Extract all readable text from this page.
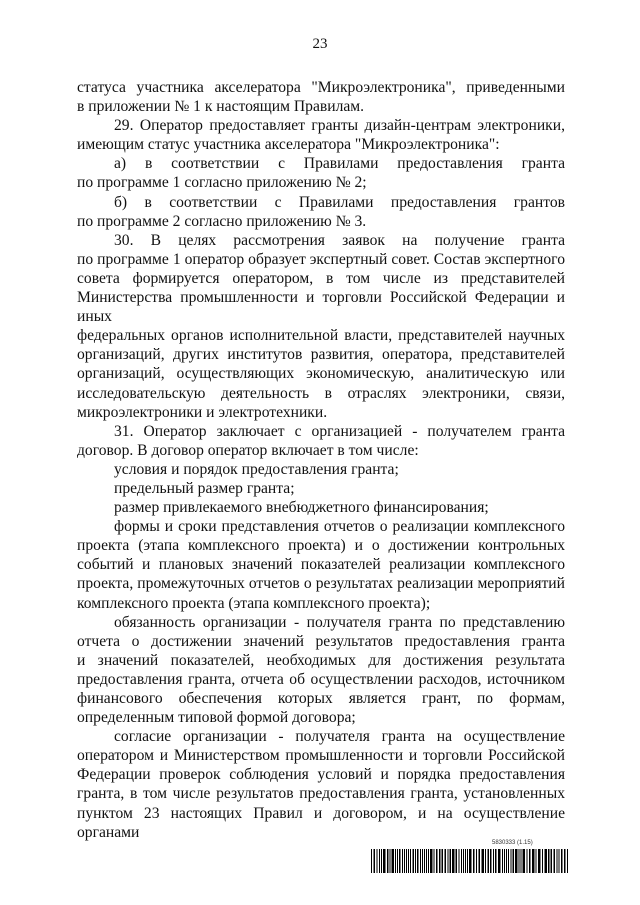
23
статуса участника акселератора "Микроэлектроника", приведенными
в приложении № 1 к настоящим Правилам.
29. Оператор предоставляет гранты дизайн-центрам электроники,
имеющим статус участника акселератора "Микроэлектроника":
а) в соответствии с Правилами предоставления гранта
по программе 1 согласно приложению № 2;
б) в соответствии с Правилами предоставления грантов
по программе 2 согласно приложению № 3.
30. В целях рассмотрения заявок на получение гранта
по программе 1 оператор образует экспертный совет. Состав экспертного
совета формируется оператором, в том числе из представителей
Министерства промышленности и торговли Российской Федерации и иных
федеральных органов исполнительной власти, представителей научных
организаций, других институтов развития, оператора, представителей
организаций, осуществляющих экономическую, аналитическую или
исследовательскую деятельность в отраслях электроники, связи,
микроэлектроники и электротехники.
31. Оператор заключает с организацией - получателем гранта
договор. В договор оператор включает в том числе:
условия и порядок предоставления гранта;
предельный размер гранта;
размер привлекаемого внебюджетного финансирования;
формы и сроки представления отчетов о реализации комплексного
проекта (этапа комплексного проекта) и о достижении контрольных
событий и плановых значений показателей реализации комплексного
проекта, промежуточных отчетов о результатах реализации мероприятий
комплексного проекта (этапа комплексного проекта);
обязанность организации - получателя гранта по представлению
отчета о достижении значений результатов предоставления гранта
и значений показателей, необходимых для достижения результата
предоставления гранта, отчета об осуществлении расходов, источником
финансового обеспечения которых является грант, по формам,
определенным типовой формой договора;
согласие организации - получателя гранта на осуществление
оператором и Министерством промышленности и торговли Российской
Федерации проверок соблюдения условий и порядка предоставления
гранта, в том числе результатов предоставления гранта, установленных
пунктом 23 настоящих Правил и договором, и на осуществление органами
5830333 (1.15)
